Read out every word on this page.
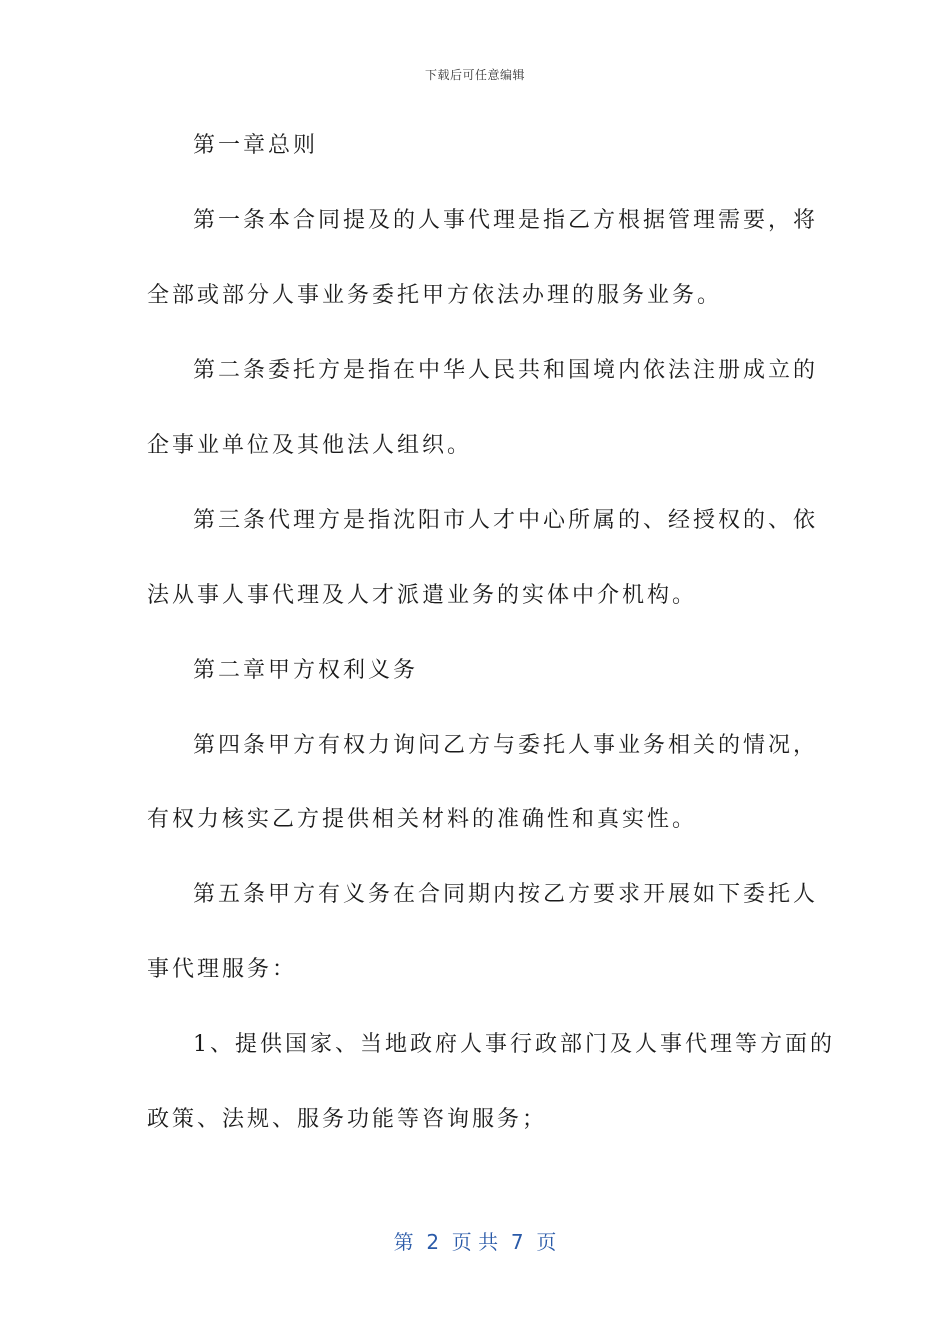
下载后可任意编辑
第一章总则
第一条本合同提及的人事代理是指乙方根据管理需要，将
全部或部分人事业务委托甲方依法办理的服务业务。
第二条委托方是指在中华人民共和国境内依法注册成立的
企事业单位及其他法人组织。
第三条代理方是指沈阳市人才中心所属的、经授权的、依
法从事人事代理及人才派遣业务的实体中介机构。
第二章甲方权利义务
第四条甲方有权力询问乙方与委托人事业务相关的情况，
有权力核实乙方提供相关材料的准确性和真实性。
第五条甲方有义务在合同期内按乙方要求开展如下委托人
事代理服务：
1、提供国家、当地政府人事行政部门及人事代理等方面的
政策、法规、服务功能等咨询服务；
第  2  页 共  7  页
